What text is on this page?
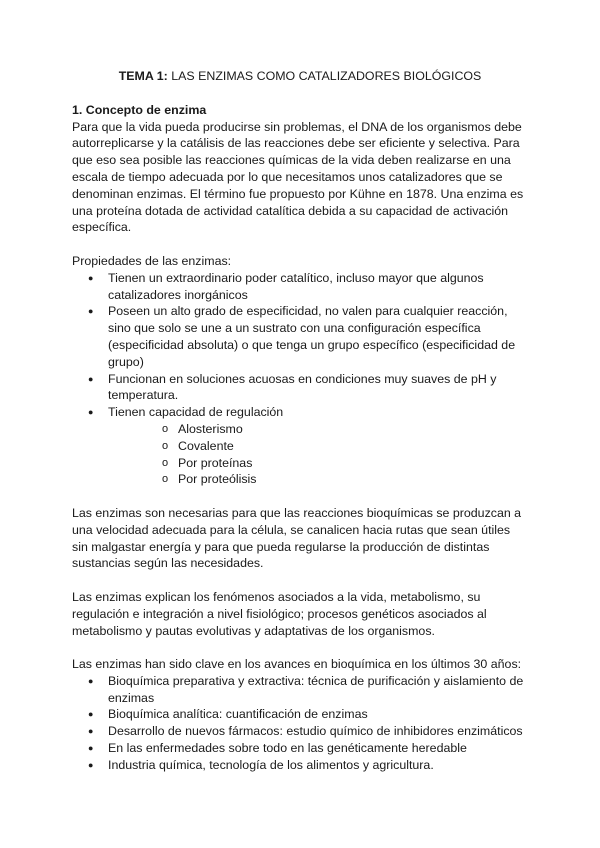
TEMA 1: LAS ENZIMAS COMO CATALIZADORES BIOLÓGICOS
1. Concepto de enzima

Para que la vida pueda producirse sin problemas, el DNA de los organismos debe autorreplicarse y la catálisis de las reacciones debe ser eficiente y selectiva. Para que eso sea posible las reacciones químicas de la vida deben realizarse en una escala de tiempo adecuada por lo que necesitamos unos catalizadores que se denominan enzimas. El término fue propuesto por Kühne en 1878. Una enzima es una proteína dotada de actividad catalítica debida a su capacidad de activación específica.

Propiedades de las enzimas:
● Tienen un extraordinario poder catalítico, incluso mayor que algunos catalizadores inorgánicos
● Poseen un alto grado de especificidad, no valen para cualquier reacción, sino que solo se une a un sustrato con una configuración específica (especificidad absoluta) o que tenga un grupo específico (especificidad de grupo)
● Funcionan en soluciones acuosas en condiciones muy suaves de pH y temperatura.
● Tienen capacidad de regulación
o Alosterismo
o Covalente
o Por proteínas
o Por proteólisis

Las enzimas son necesarias para que las reacciones bioquímicas se produzcan a una velocidad adecuada para la célula, se canalicen hacia rutas que sean útiles sin malgastar energía y para que pueda regularse la producción de distintas sustancias según las necesidades.

Las enzimas explican los fenómenos asociados a la vida, metabolismo, su regulación e integración a nivel fisiológico; procesos genéticos asociados al metabolismo y pautas evolutivas y adaptativas de los organismos.

Las enzimas han sido clave en los avances en bioquímica en los últimos 30 años:
● Bioquímica preparativa y extractiva: técnica de purificación y aislamiento de enzimas
● Bioquímica analítica: cuantificación de enzimas
● Desarrollo de nuevos fármacos: estudio químico de inhibidores enzimáticos
● En las enfermedades sobre todo en las genéticamente heredable
● Industria química, tecnología de los alimentos y agricultura.
